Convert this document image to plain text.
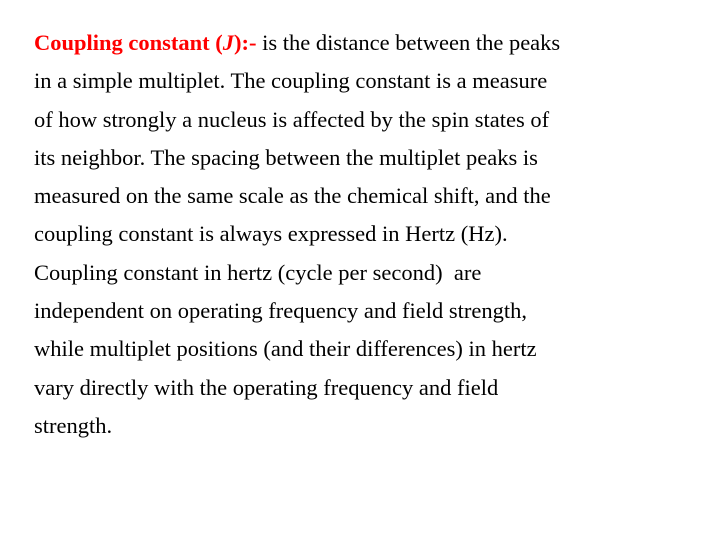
Coupling constant (J):- is the distance between the peaks
in a simple multiplet. The coupling constant is a measure
of how strongly a nucleus is affected by the spin states of
its neighbor. The spacing between the multiplet peaks is
measured on the same scale as the chemical shift, and the
coupling constant is always expressed in Hertz (Hz).
Coupling constant in hertz (cycle per second)  are
independent on operating frequency and field strength,
while multiplet positions (and their differences) in hertz
vary directly with the operating frequency and field
strength.
